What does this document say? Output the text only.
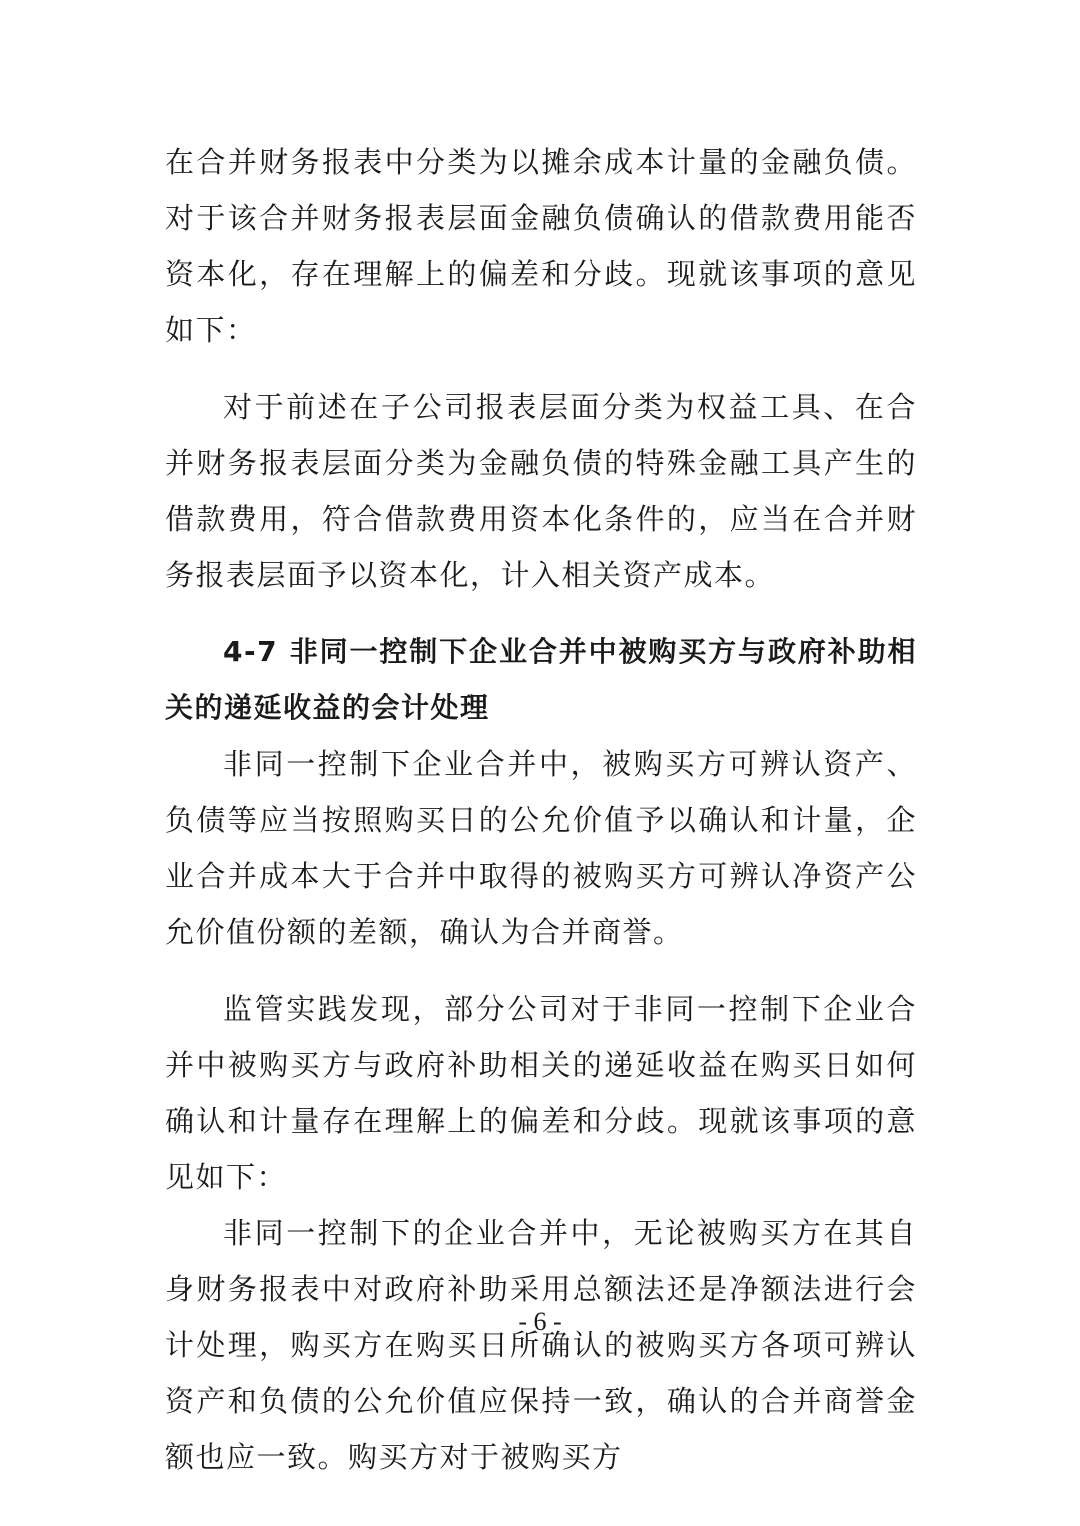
在合并财务报表中分类为以摊余成本计量的金融负债。对于该合并财务报表层面金融负债确认的借款费用能否资本化，存在理解上的偏差和分歧。现就该事项的意见如下：

对于前述在子公司报表层面分类为权益工具、在合并财务报表层面分类为金融负债的特殊金融工具产生的借款费用，符合借款费用资本化条件的，应当在合并财务报表层面予以资本化，计入相关资产成本。

4-7 非同一控制下企业合并中被购买方与政府补助相关的递延收益的会计处理

非同一控制下企业合并中，被购买方可辨认资产、负债等应当按照购买日的公允价值予以确认和计量，企业合并成本大于合并中取得的被购买方可辨认净资产公允价值份额的差额，确认为合并商誉。

监管实践发现，部分公司对于非同一控制下企业合并中被购买方与政府补助相关的递延收益在购买日如何确认和计量存在理解上的偏差和分歧。现就该事项的意见如下：

非同一控制下的企业合并中，无论被购买方在其自身财务报表中对政府补助采用总额法还是净额法进行会计处理，购买方在购买日所确认的被购买方各项可辨认资产和负债的公允价值应保持一致，确认的合并商誉金额也应一致。购买方对于被购买方

- 6 -
